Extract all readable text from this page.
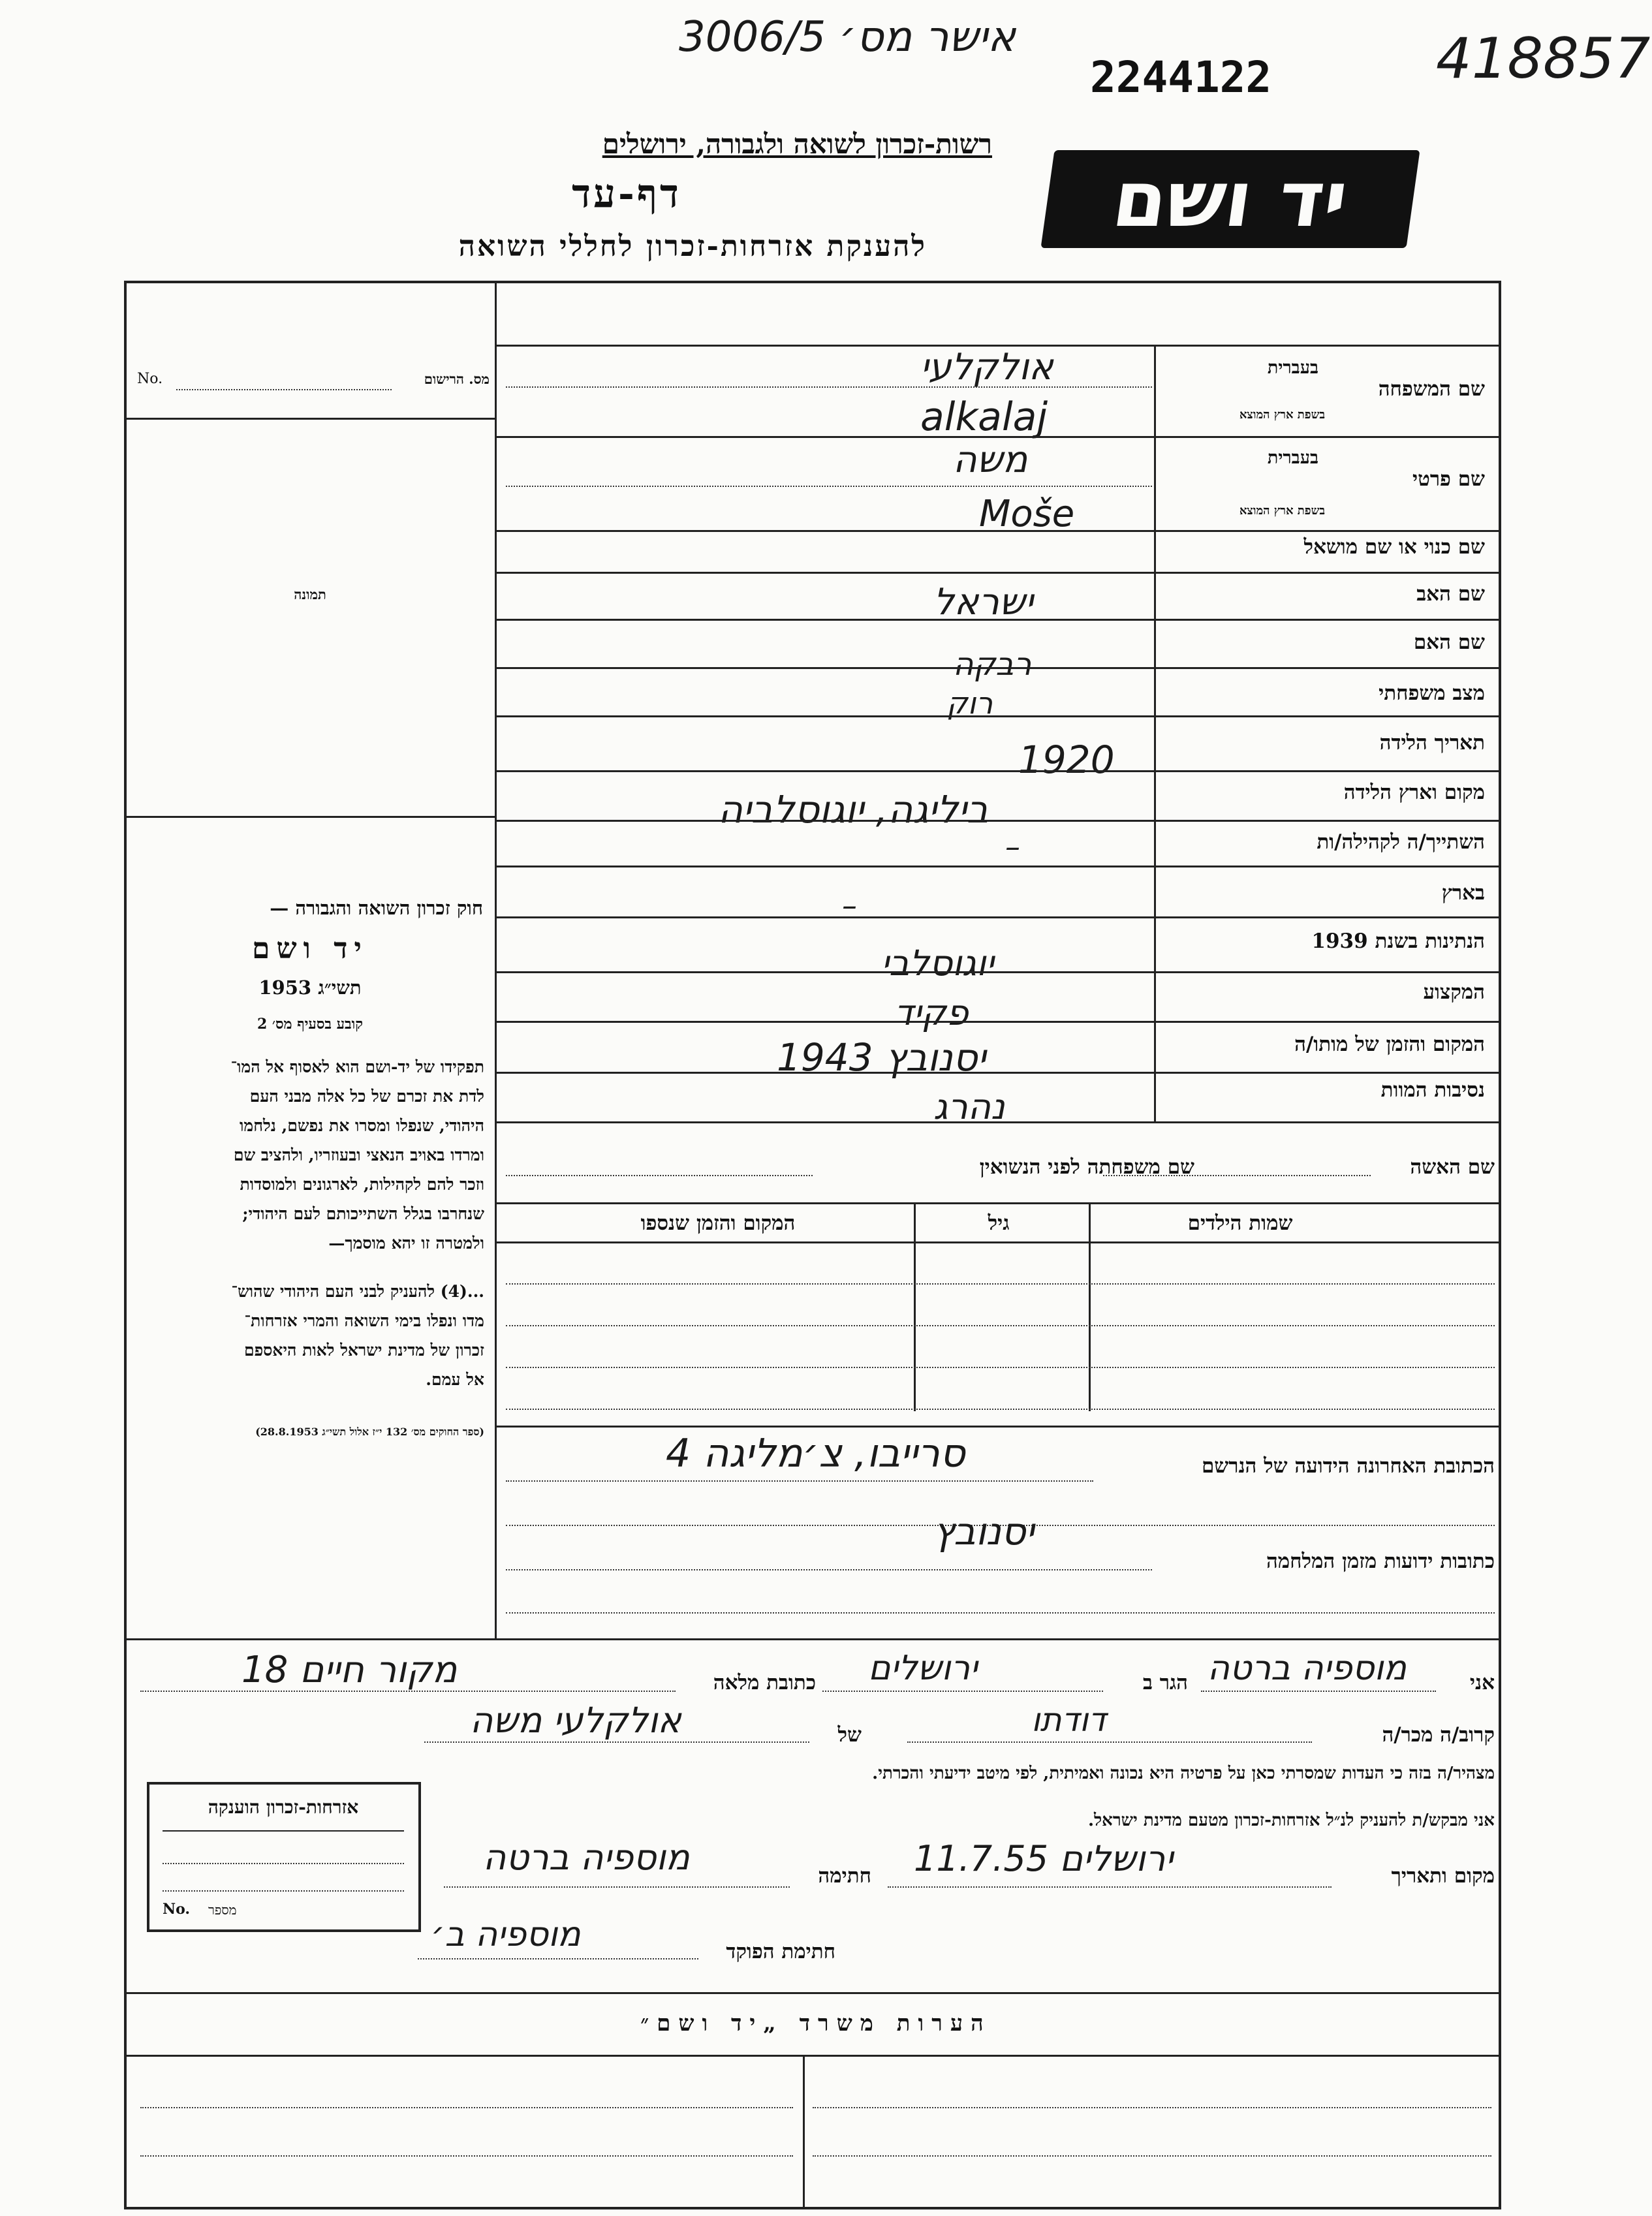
3006/5 אישר מס׳
2244122	418857
רשות-זכרון לשואה ולגבורה, ירושלים
דף-עד
להענקת אזרחות-זכרון לחללי השואה
יד ושם
No.	מס. הרישום
תמונה
חוק זכרון השואה והגבורה —
יד ושם
תשי״ג 1953
קובע בסעיף מס׳ 2
תפקידו של יד-ושם הוא לאסוף אל המו־
לדת את זכרם של כל אלה מבני העם
היהודי, שנפלו ומסרו את נפשם, נלחמו
ומרדו באויב הנאצי ובעוזריו, ולהציב שם
וזכר להם לקהילות, לארגונים ולמוסדות
שנחרבו בגלל השתייכותם לעם היהודי;
ולמטרה זו יהא מוסמך—
...(4) להעניק לבני העם היהודי שהוש־
מדו ונפלו בימי השואה והמרי אזרחות־
זכרון של מדינת ישראל לאות היאספם
אל עמם.
(ספר החוקים מס׳ 132 י״ז אלול תשי״ג 28.8.1953)
שם המשפחה
בעברית
אולקלעי
בשפת ארץ המוצא
alkalaj
שם פרטי
בעברית
משה
בשפת ארץ המוצא
Moše
שם כנוי או שם מושאל
שם האב
ישראל
שם האם
רבקה
מצב משפחתי
רוק
תאריך הלידה
1920
מקום וארץ הלידה
ביליגה, יוגוסלביה
השתייך/ה לקהילה/ות
–
בארץ
–
הנתינות בשנת 1939
יוגוסלבי
המקצוע
פקיד
המקום והזמן של מותו/ה
יסנובץ 1943
נסיבות המוות
נהרג
שם האשה
שם משפחתה לפני הנשואין
שמות הילדים
גיל
המקום והזמן שנספו
הכתובת האחרונה הידועה של הנרשם
סרייבו, צ׳מליגה 4
כתובות ידועות מזמן המלחמה
יסנובץ
אני
מוספיה ברטה
הגר ב
ירושלים
כתובת מלאה
מקור חיים 18
קרוב/ה מכר/ה
דודתו
של
אולקלעי משה
מצהיר/ה בזה כי העדות שמסרתי כאן על פרטיה היא נכונה ואמיתית, לפי מיטב ידיעתי והכרתי.
אני מבקש/ת להעניק לנ״ל אזרחות-זכרון מטעם מדינת ישראל.
מקום ותאריך
ירושלים 11.7.55
חתימה
מוספיה ברטה
חתימת הפוקד
מוספיה ב׳
אזרחות-זכרון הוענקה
No. מספר
הערות משרד „יד ושם״
